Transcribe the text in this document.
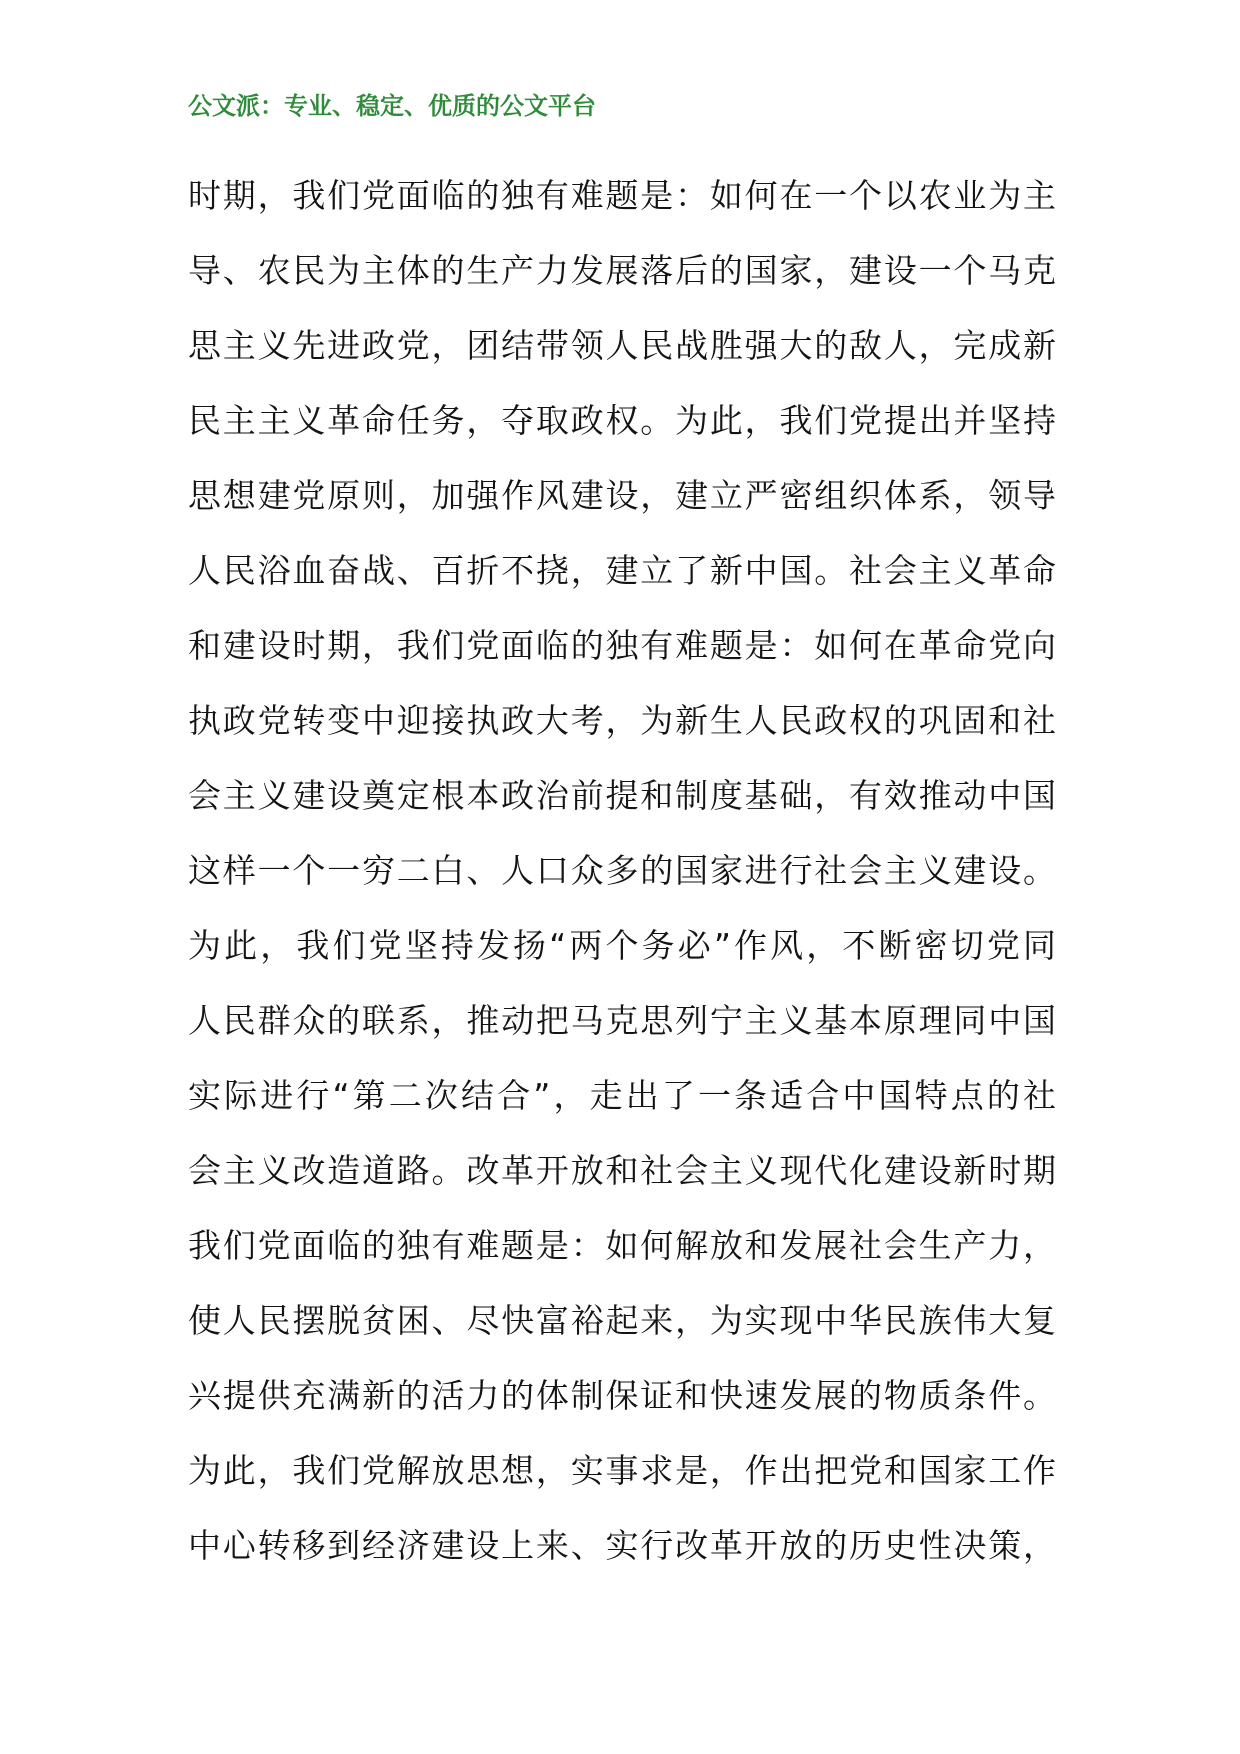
公文派：专业、稳定、优质的公文平台
时期，我们党面临的独有难题是：如何在一个以农业为主
导、农民为主体的生产力发展落后的国家，建设一个马克
思主义先进政党，团结带领人民战胜强大的敌人，完成新
民主主义革命任务，夺取政权。为此，我们党提出并坚持
思想建党原则，加强作风建设，建立严密组织体系，领导
人民浴血奋战、百折不挠，建立了新中国。社会主义革命
和建设时期，我们党面临的独有难题是：如何在革命党向
执政党转变中迎接执政大考，为新生人民政权的巩固和社
会主义建设奠定根本政治前提和制度基础，有效推动中国
这样一个一穷二白、人口众多的国家进行社会主义建设。
为此，我们党坚持发扬“两个务必”作风，不断密切党同
人民群众的联系，推动把马克思列宁主义基本原理同中国
实际进行“第二次结合”，走出了一条适合中国特点的社
会主义改造道路。改革开放和社会主义现代化建设新时期
我们党面临的独有难题是：如何解放和发展社会生产力，
使人民摆脱贫困、尽快富裕起来，为实现中华民族伟大复
兴提供充满新的活力的体制保证和快速发展的物质条件。
为此，我们党解放思想，实事求是，作出把党和国家工作
中心转移到经济建设上来、实行改革开放的历史性决策，
